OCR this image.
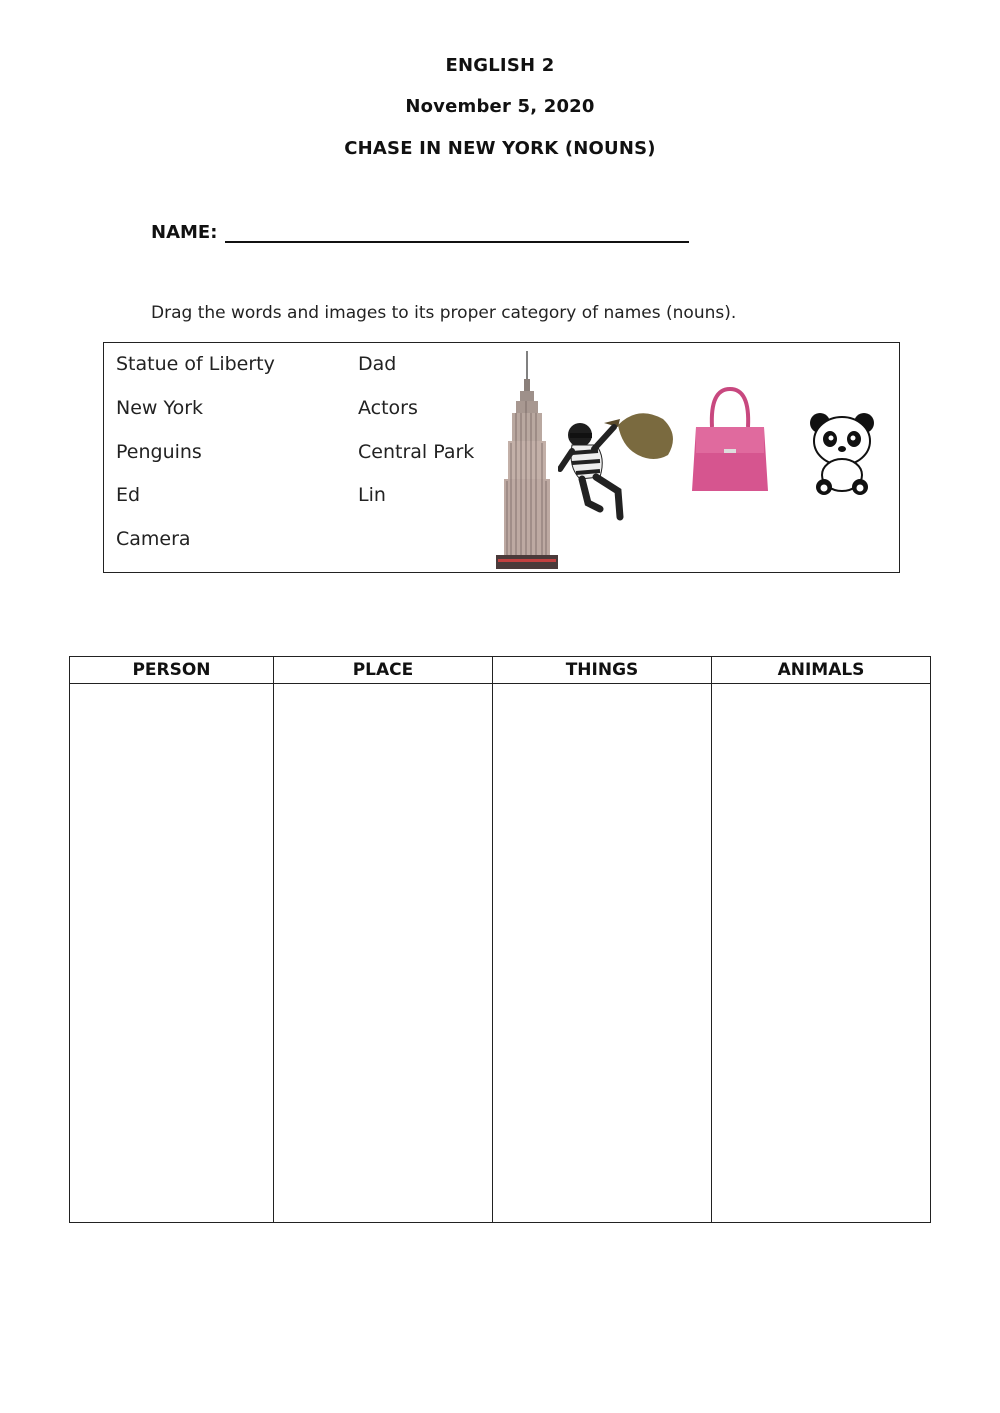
ENGLISH 2
November 5, 2020
CHASE IN NEW YORK (NOUNS)
NAME:
Drag the words and images to its proper category of names (nouns).
Statue of Liberty
New York
Penguins
Ed
Camera
Dad
Actors
Central Park
Lin
PERSON	PLACE	THINGS	ANIMALS
